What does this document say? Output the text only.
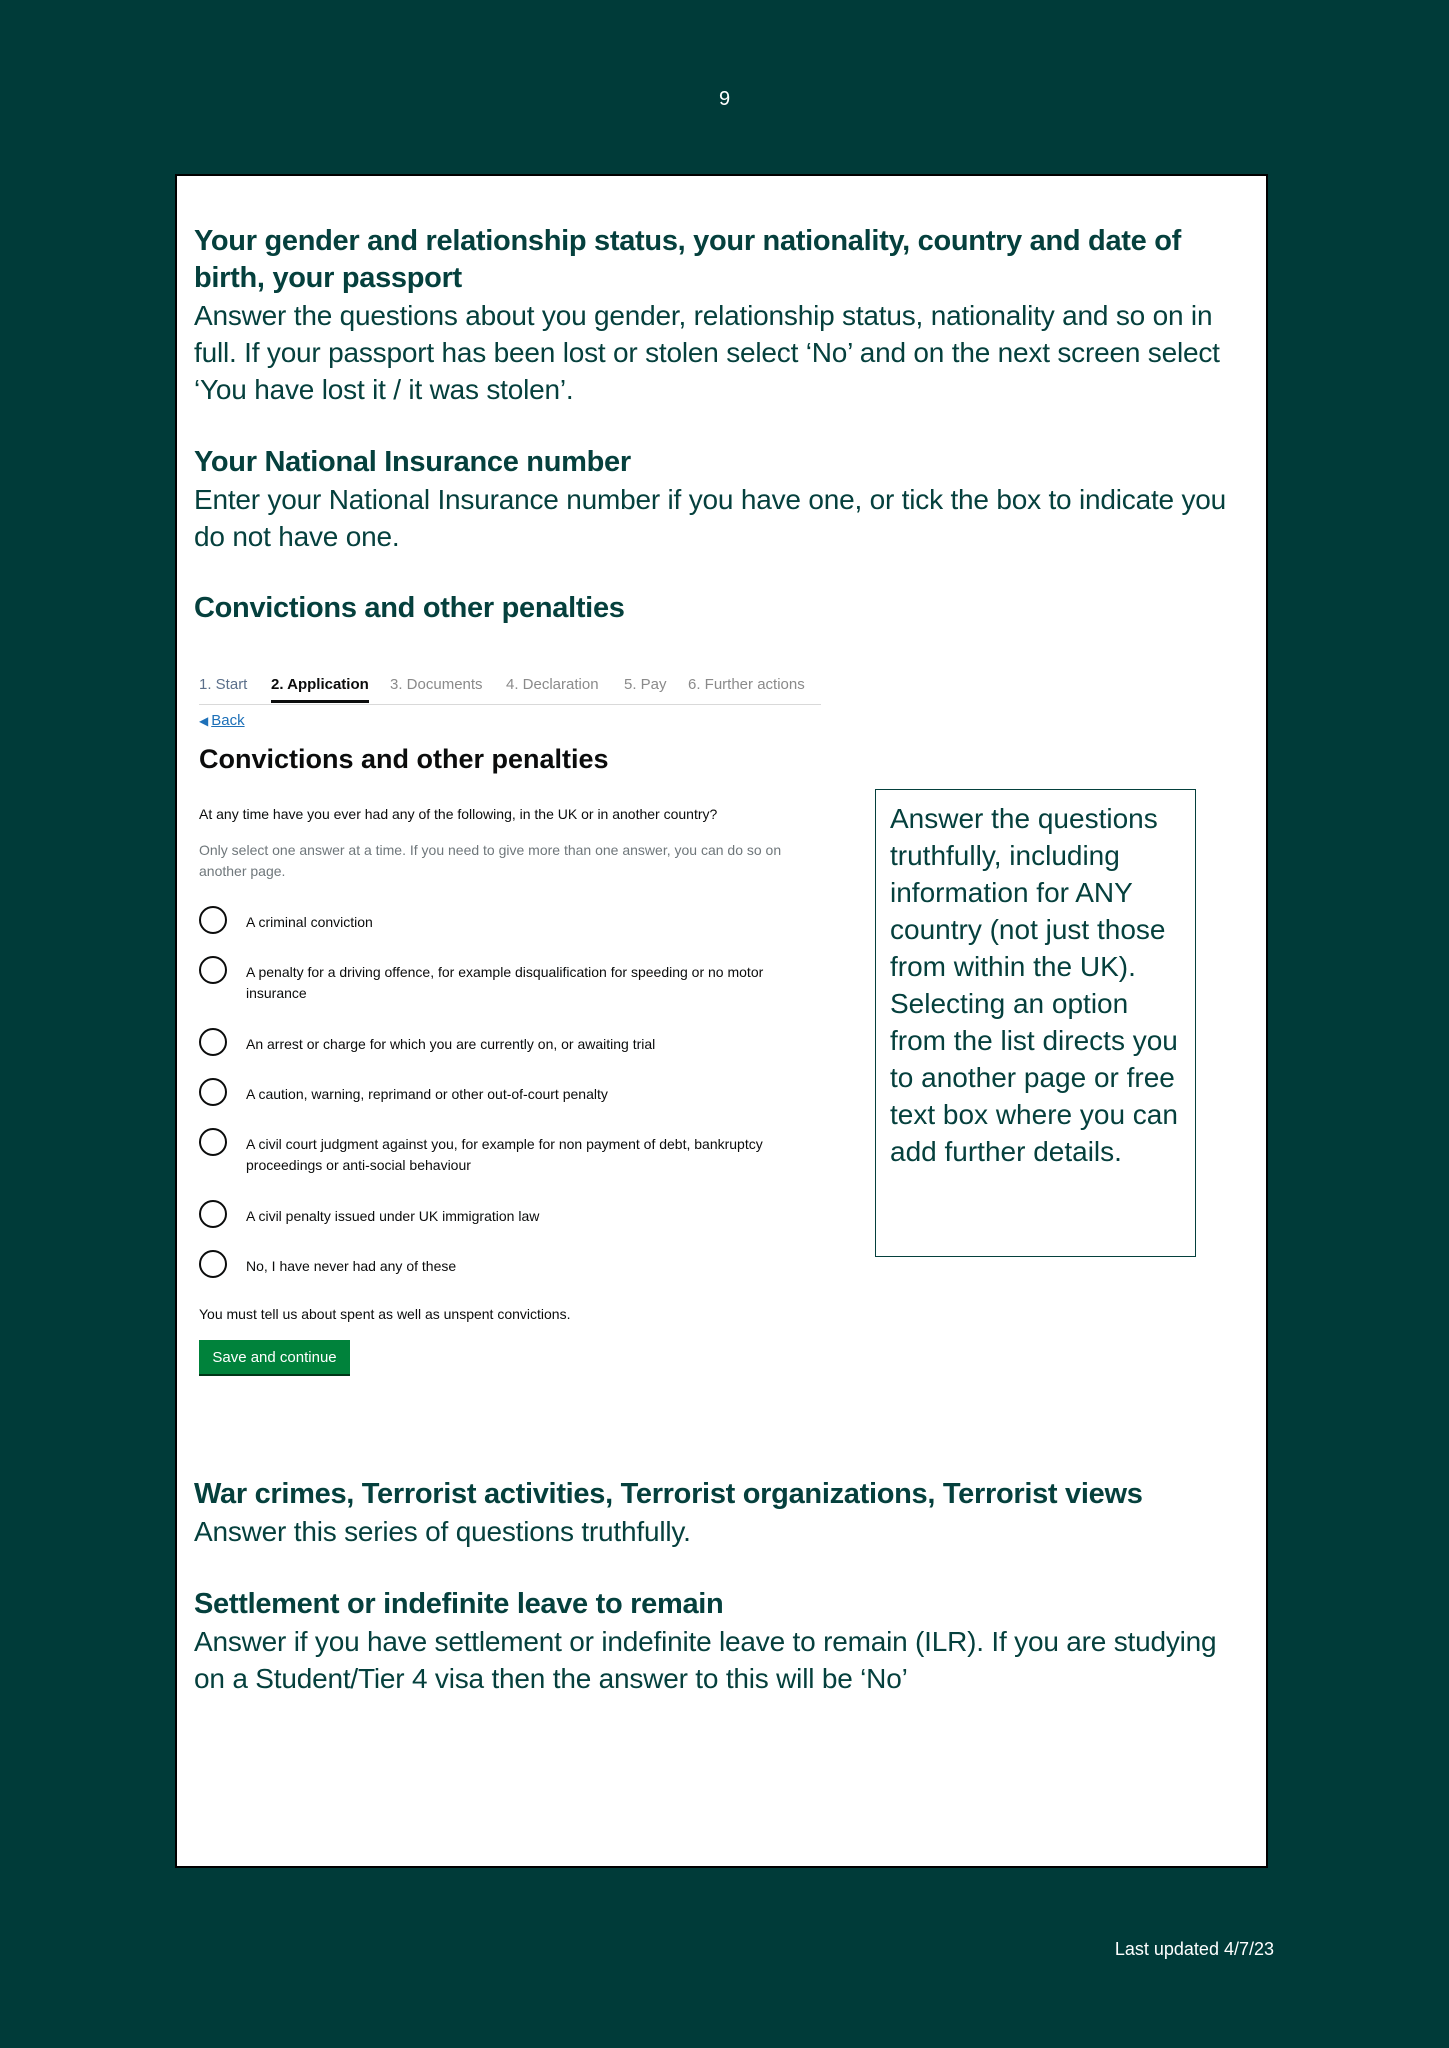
9
Your gender and relationship status, your nationality, country and date of birth, your passport

Answer the questions about you gender, relationship status, nationality and so on in full. If your passport has been lost or stolen select ‘No’ and on the next screen select ‘You have lost it / it was stolen’.

Your National Insurance number

Enter your National Insurance number if you have one, or tick the box to indicate you do not have one.

Convictions and other penalties
1. Start 2. Application 3. Documents 4. Declaration 5. Pay 6. Further actions
◀ Back
Convictions and other penalties
At any time have you ever had any of the following, in the UK or in another country?
Only select one answer at a time. If you need to give more than one answer, you can do so on another page.
A criminal conviction
A penalty for a driving offence, for example disqualification for speeding or no motor insurance
An arrest or charge for which you are currently on, or awaiting trial
A caution, warning, reprimand or other out-of-court penalty
A civil court judgment against you, for example for non payment of debt, bankruptcy proceedings or anti-social behaviour
A civil penalty issued under UK immigration law
No, I have never had any of these
You must tell us about spent as well as unspent convictions.
Save and continue

Answer the questions truthfully, including information for ANY country (not just those from within the UK).

Selecting an option from the list directs you to another page or free text box where you can add further details.

War crimes, Terrorist activities, Terrorist organizations, Terrorist views

Answer this series of questions truthfully.

Settlement or indefinite leave to remain

Answer if you have settlement or indefinite leave to remain (ILR). If you are studying on a Student/Tier 4 visa then the answer to this will be ‘No’

Last updated 4/7/23
